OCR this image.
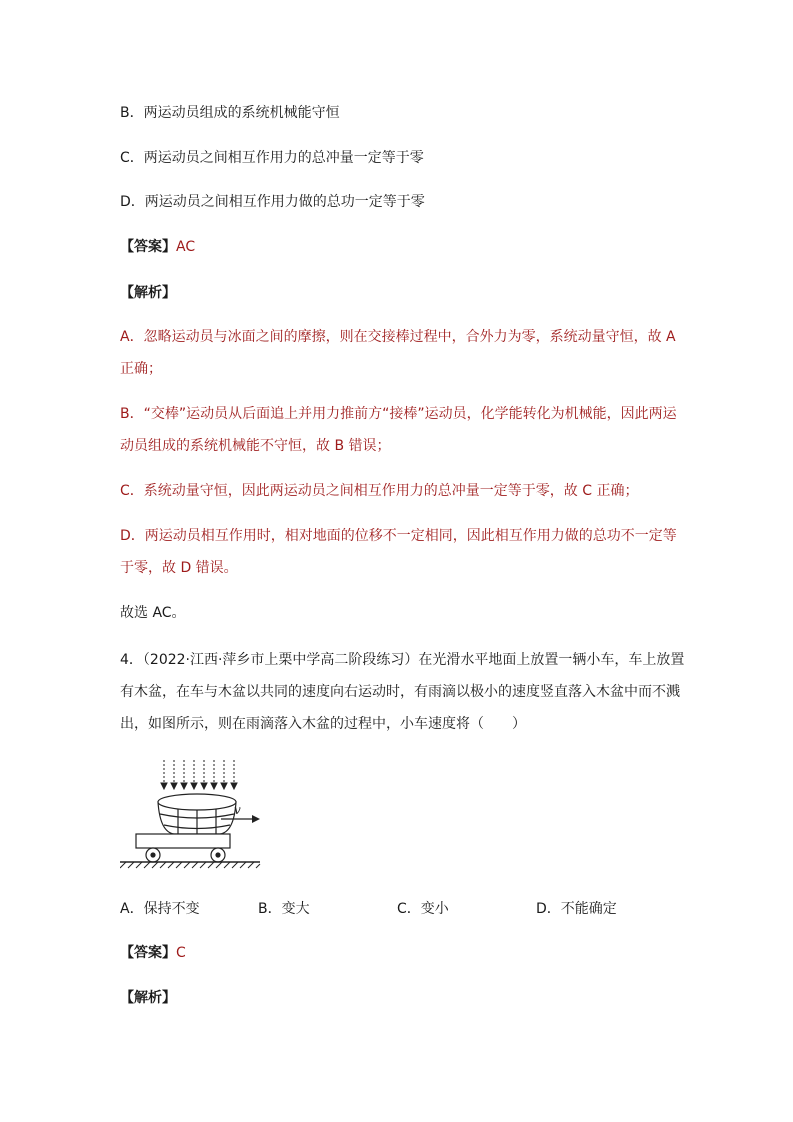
B．两运动员组成的系统机械能守恒
C．两运动员之间相互作用力的总冲量一定等于零
D．两运动员之间相互作用力做的总功一定等于零
【答案】AC
【解析】
A．忽略运动员与冰面之间的摩擦，则在交接棒过程中，合外力为零，系统动量守恒，故 A
正确；
B．“交棒”运动员从后面追上并用力推前方“接棒”运动员，化学能转化为机械能，因此两运
动员组成的系统机械能不守恒，故 B 错误；
C．系统动量守恒，因此两运动员之间相互作用力的总冲量一定等于零，故 C 正确；
D．两运动员相互作用时，相对地面的位移不一定相同，因此相互作用力做的总功不一定等
于零，故 D 错误。
故选 AC。
4．（2022·江西·萍乡市上栗中学高二阶段练习）在光滑水平地面上放置一辆小车，车上放置
有木盆，在车与木盆以共同的速度向右运动时，有雨滴以极小的速度竖直落入木盆中而不溅
出，如图所示，则在雨滴落入木盆的过程中，小车速度将（　　）
v
A．保持不变	B．变大	C．变小	D．不能确定
【答案】C
【解析】
